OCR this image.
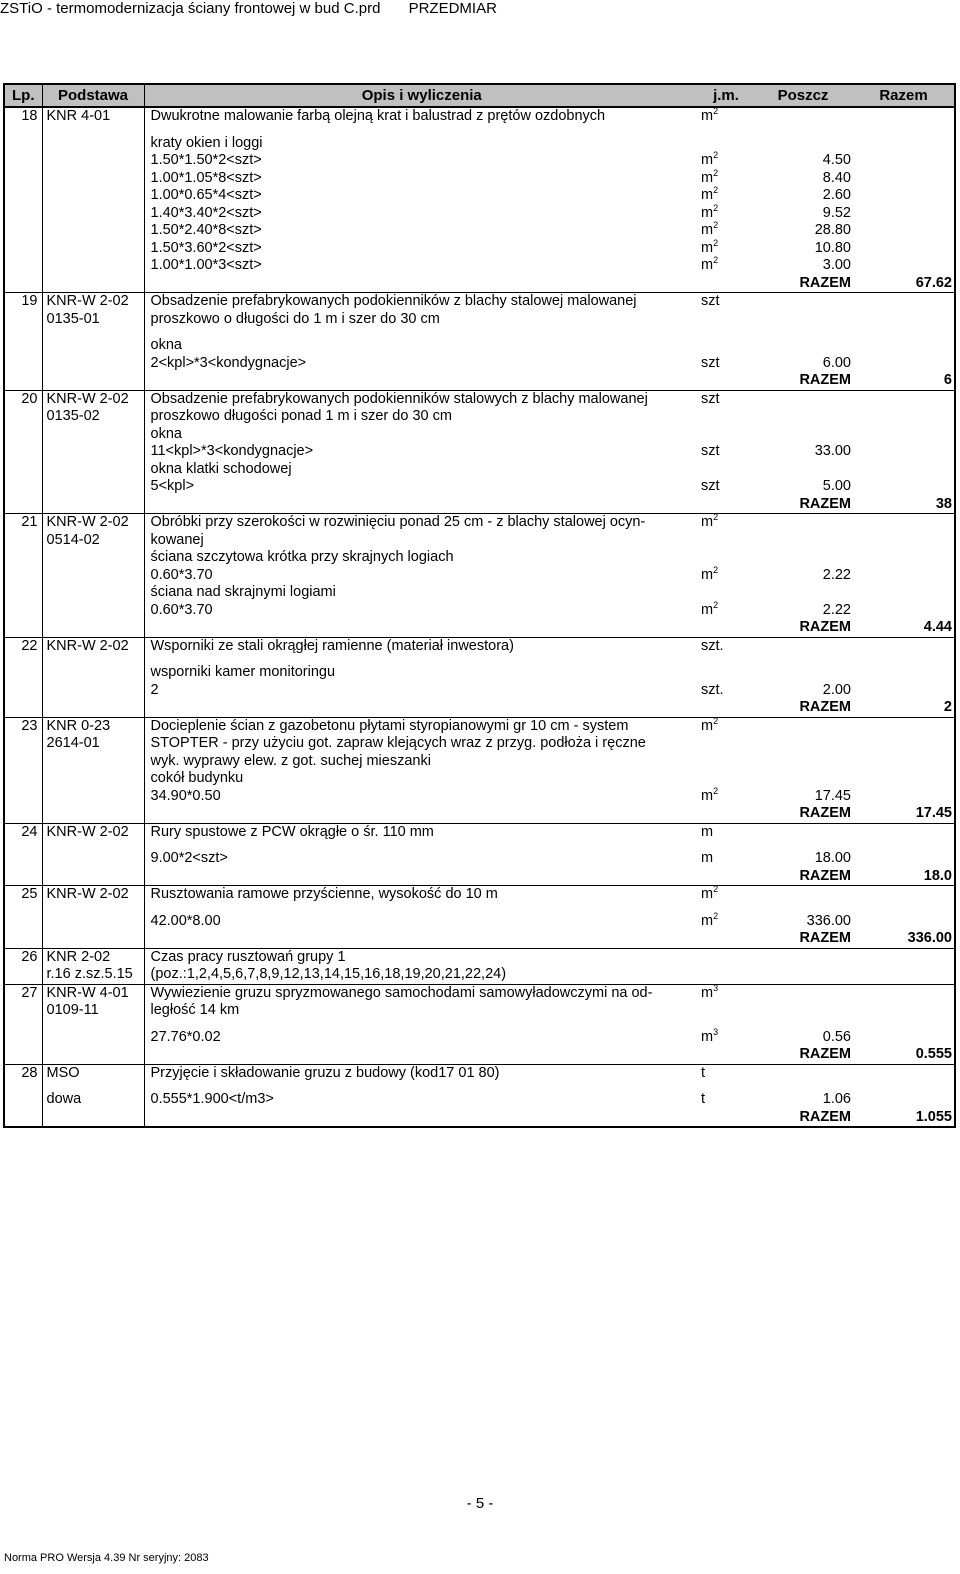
ZSTiO - termomodernizacja ściany frontowej w bud C.prd PRZEDMIAR
Lp.	Podstawa	Opis i wyliczenia	j.m.	Poszcz	Razem

18	KNR 4-01	Dwukrotne malowanie farbą olejną krat i balustrad z prętów ozdobnych	$m^2$

		kraty okien i loggi			

		1.50*1.50*2<szt>	$m^2$	4.50	

		1.00*1.05*8<szt>	$m^2$	8.40	

		1.00*0.65*4<szt>	$m^2$	2.60	

		1.40*3.40*2<szt>	$m^2$	9.52	

		1.50*2.40*8<szt>	$m^2$	28.80	

		1.50*3.60*2<szt>	$m^2$	10.80	

		1.00*1.00*3<szt>	$m^2$	3.00	

				RAZEM	67.62

19	KNR-W 2-02	Obsadzenie prefabrykowanych podokienników z blachy stalowej malowanej	szt		

	0135-01	proszkowo o długości do 1 m i szer do 30 cm			

		okna			

		2<kpl>*3<kondygnacje>	szt	6.00	

				RAZEM	6

20	KNR-W 2-02	Obsadzenie prefabrykowanych podokienników stalowych z blachy malowanej	szt		

	0135-02	proszkowo długości ponad 1 m i szer do 30 cm			

		okna			

		11<kpl>*3<kondygnacje>	szt	33.00	

		okna klatki schodowej			

		5<kpl>	szt	5.00	

				RAZEM	38

21	KNR-W 2-02	Obróbki przy szerokości w rozwinięciu ponad 25 cm - z blachy stalowej ocyn-	$m^2$

	0514-02	kowanej			

		ściana szczytowa krótka przy skrajnych logiach			

		0.60*3.70	$m^2$	2.22	

		ściana nad skrajnymi logiami			

		0.60*3.70	$m^2$	2.22	

				RAZEM	4.44

22	KNR-W 2-02	Wsporniki ze stali okrągłej ramienne (materiał inwestora)	szt.		

		wsporniki kamer monitoringu			

		2	szt.	2.00	

				RAZEM	2

23	KNR 0-23	Docieplenie ścian z gazobetonu płytami styropianowymi gr 10 cm - system	$m^2$

	2614-01	STOPTER - przy użyciu got. zapraw klejących wraz z przyg. podłoża i ręczne			

		wyk. wyprawy elew. z got. suchej mieszanki			

		cokół budynku			

		34.90*0.50	$m^2$	17.45	

				RAZEM	17.45

24	KNR-W 2-02	Rury spustowe z PCW okrągłe o śr. 110 mm	m		

		9.00*2<szt>	m	18.00	

				RAZEM	18.0

25	KNR-W 2-02	Rusztowania ramowe przyścienne, wysokość do 10 m	$m^2$

		42.00*8.00	$m^2$	336.00	

				RAZEM	336.00

26	KNR 2-02	Czas pracy rusztowań grupy 1			

	r.16 z.sz.5.15	(poz.:1,2,4,5,6,7,8,9,12,13,14,15,16,18,19,20,21,22,24)			

27	KNR-W 4-01	Wywiezienie gruzu spryzmowanego samochodami samowyładowczymi na od-	$m^3$

	0109-11	ległość 14 km			

		27.76*0.02	$m^3$	0.56	

				RAZEM	0.555

28	MSO	Przyjęcie i składowanie gruzu z budowy (kod17 01 80)	t		

	dowa	0.555*1.900<t/m3>	t	1.06	

				RAZEM	1.055
- 5 -
Norma PRO Wersja 4.39 Nr seryjny: 2083
